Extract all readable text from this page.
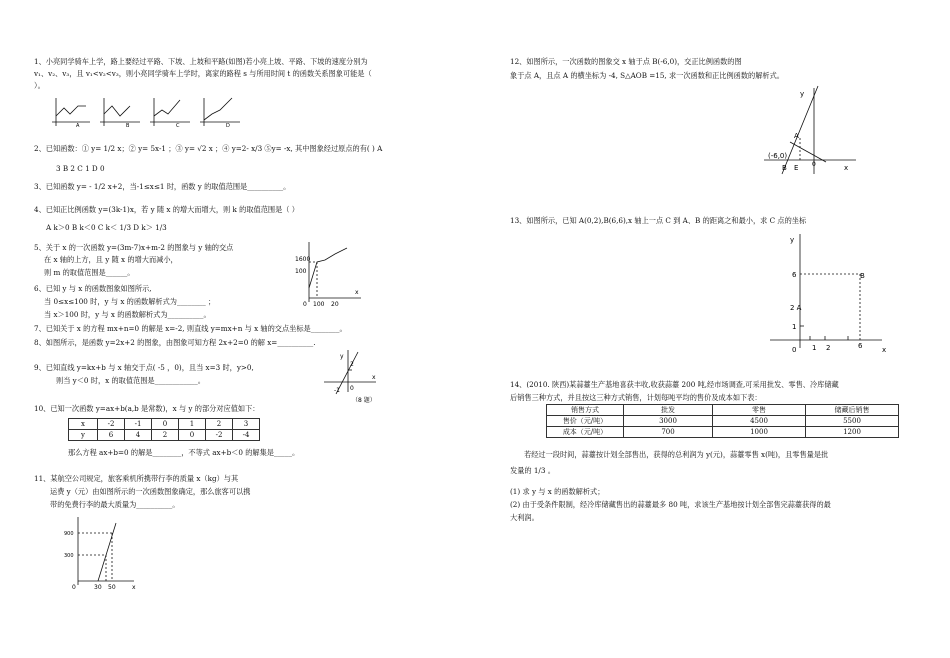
1、小亮同学骑车上学，路上要经过平路、下坡、上坡和平路(如图)若小亮上坡、平路、下坡的速度分别为
v₁、v₂、v₃，且 v₁<v₂<v₃，则小亮同学骑车上学时，离家的路程 s 与所用时间 t 的函数关系图象可能是（
）。
A	B	C	D
2、已知函数：① y= 1/2 x；② y= 5x-1 ；③ y= √2 x ；④ y=2- x/3 ⑤y= -x, 其中图象经过原点的有( ) A
3 B 2 C 1 D 0
3、已知函数 y= - 1/2 x+2，当-1≤x≤1 时，函数 y 的取值范围是__________。
4、已知正比例函数 y=(3k-1)x，若 y 随 x 的增大而增大，则 k 的取值范围是（ ）
A k＞0 B k＜0 C k＜ 1/3 D k＞ 1/3
5、关于 x 的一次函数 y=(3m-7)x+m-2 的图象与 y 轴的交点
在 x 轴的上方，且 y 随 x 的增大而减小，
则 m 的取值范围是______。
6、已知 y 与 x 的函数图象如图所示,
当 0≤x≤100 时，y 与 x 的函数解析式为________ ；
当 x＞100 时，y 与 x 的函数解析式为__________。
1600
100
0 100 20
x
7、已知关于 x 的方程 mx+n=0 的解是 x=-2, 则直线 y=mx+n 与 x 轴的交点坐标是________。
8、如图所示，是函数 y=2x+2 的图象，由图象可知方程 2x+2=0 的解 x=__________.
9、已知直线 y=kx+b 与 x 轴交于点( -5 ，0)，且当 x=3 时，y>0,
则当 y＜0 时，x 的取值范围是____________。
y
2
-1 0
x
（8 题）
10、已知一次函数 y=ax+b(a,b 是常数)，x 与 y 的部分对应值如下：
x	-2	-1	0	1	2	3
y	6	4	2	0	-2	-4
那么方程 ax+b=0 的解是________，不等式 ax+b＜0 的解集是_____。
11、某航空公司规定，旅客乘机所携带行李的质量 x（kg）与其
运费 y（元）由如图所示的一次函数图象确定，那么旅客可以携
带的免费行李的最大质量为__________。
900
300
0	30 50	x
12、如图所示，一次函数的图象交 x 轴于点 B(-6,0)，交正比例函数的图
象于点 A，且点 A 的横坐标为 -4, S△AOB =15, 求一次函数和正比例函数的解析式。
y
A
(-6,0)
B E 0	x
13、如图所示，已知 A(0,2),B(6,6),x 轴上一点 C 到 A、B 的距离之和最小，求 C 点的坐标
y
6	B
2 A
1
0 1 2	6	x
14、(2010. 陕西)某蒜薹生产基地喜获丰收,收获蒜薹 200 吨,经市场调查,可采用批发、零售、冷库储藏
后销售三种方式，并且按这三种方式销售，计划每吨平均的售价及成本如下表：
销售方式	批发	零售	储藏后销售
售价（元/吨）	3000	4500	5500
成本（元/吨）	700	1000	1200
若经过一段时间，蒜薹按计划全部售出，获得的总利润为 y(元)，蒜薹零售 x(吨)，且零售量是批
发量的 1/3 。
(1) 求 y 与 x 的函数解析式；
(2) 由于受条件限制，经冷库储藏售出的蒜薹最多 80 吨，求该生产基地按计划全部售完蒜薹获得的最
大利润。
